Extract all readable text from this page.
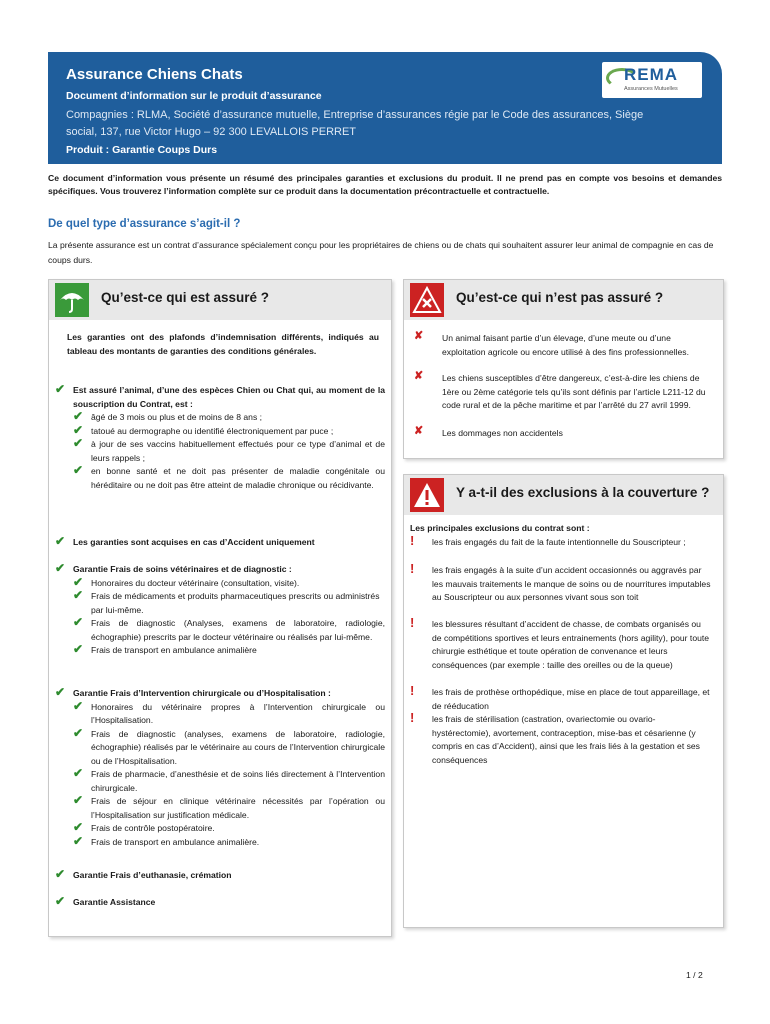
Assurance Chiens Chats
Document d’information sur le produit d’assurance
Compagnies : RLMA, Société d’assurance mutuelle, Entreprise d’assurances régie par le Code des assurances, Siège social, 137, rue Victor Hugo – 92 300 LEVALLOIS PERRET
Produit : Garantie Coups Durs
REMA
Assurances Mutuelles
Ce document d’information vous présente un résumé des principales garanties et exclusions du produit. Il ne prend pas en compte vos besoins et demandes spécifiques. Vous trouverez l’information complète sur ce produit dans la documentation précontractuelle et contractuelle.
De quel type d’assurance s’agit-il ?
La présente assurance est un contrat d’assurance spécialement conçu pour les propriétaires de chiens ou de chats qui souhaitent assurer leur animal de compagnie en cas de coups durs.
Qu’est-ce qui est assuré ?
Les garanties ont des plafonds d’indemnisation différents, indiqués au tableau des montants de garanties des conditions générales.
✔ Est assuré l’animal, d’une des espèces Chien ou Chat qui, au moment de la souscription du Contrat, est :
✔ âgé de 3 mois ou plus et de moins de 8 ans ;
✔ tatoué au dermographe ou identifié électroniquement par puce ;
✔ à jour de ses vaccins habituellement effectués pour ce type d’animal et de leurs rappels ;
✔ en bonne santé et ne doit pas présenter de maladie congénitale ou héréditaire ou ne doit pas être atteint de maladie chronique ou récidivante.
✔ Les garanties sont acquises en cas d’Accident uniquement
✔ Garantie Frais de soins vétérinaires et de diagnostic :
✔ Honoraires du docteur vétérinaire (consultation, visite).
✔ Frais de médicaments et produits pharmaceutiques prescrits ou administrés par lui-même.
✔ Frais de diagnostic (Analyses, examens de laboratoire, radiologie, échographie) prescrits par le docteur vétérinaire ou réalisés par lui-même.
✔ Frais de transport en ambulance animalière
✔ Garantie Frais d’Intervention chirurgicale ou d’Hospitalisation :
✔ Honoraires du vétérinaire propres à l’Intervention chirurgicale ou l’Hospitalisation.
✔ Frais de diagnostic (analyses, examens de laboratoire, radiologie, échographie) réalisés par le vétérinaire au cours de l’Intervention chirurgicale ou de l’Hospitalisation.
✔ Frais de pharmacie, d’anesthésie et de soins liés directement à l’Intervention chirurgicale.
✔ Frais de séjour en clinique vétérinaire nécessités par l’opération ou l’Hospitalisation sur justification médicale.
✔ Frais de contrôle postopératoire.
✔ Frais de transport en ambulance animalière.
✔ Garantie Frais d’euthanasie, crémation
✔ Garantie Assistance
Qu’est-ce qui n’est pas assuré ?
✘ Un animal faisant partie d’un élevage, d’une meute ou d’une exploitation agricole ou encore utilisé à des fins professionnelles.
✘ Les chiens susceptibles d’être dangereux, c’est-à-dire les chiens de 1ère ou 2ème catégorie tels qu’ils sont définis par l’article L211-12 du code rural et de la pêche maritime et par l’arrêté du 27 avril 1999.
✘ Les dommages non accidentels
Y a-t-il des exclusions à la couverture ?
Les principales exclusions du contrat sont :
! les frais engagés du fait de la faute intentionnelle du Souscripteur ;
! les frais engagés à la suite d’un accident occasionnés ou aggravés par les mauvais traitements le manque de soins ou de nourritures imputables au Souscripteur ou aux personnes vivant sous son toit
! les blessures résultant d’accident de chasse, de combats organisés ou de compétitions sportives et leurs entrainements (hors agility), pour toute chirurgie esthétique et toute opération de convenance et leurs conséquences (par exemple : taille des oreilles ou de la queue)
! les frais de prothèse orthopédique, mise en place de tout appareillage, et de rééducation
! les frais de stérilisation (castration, ovariectomie ou ovario-hystérectomie), avortement, contraception, mise-bas et césarienne (y compris en cas d’Accident), ainsi que les frais liés à la gestation et ses conséquences
1 / 2
